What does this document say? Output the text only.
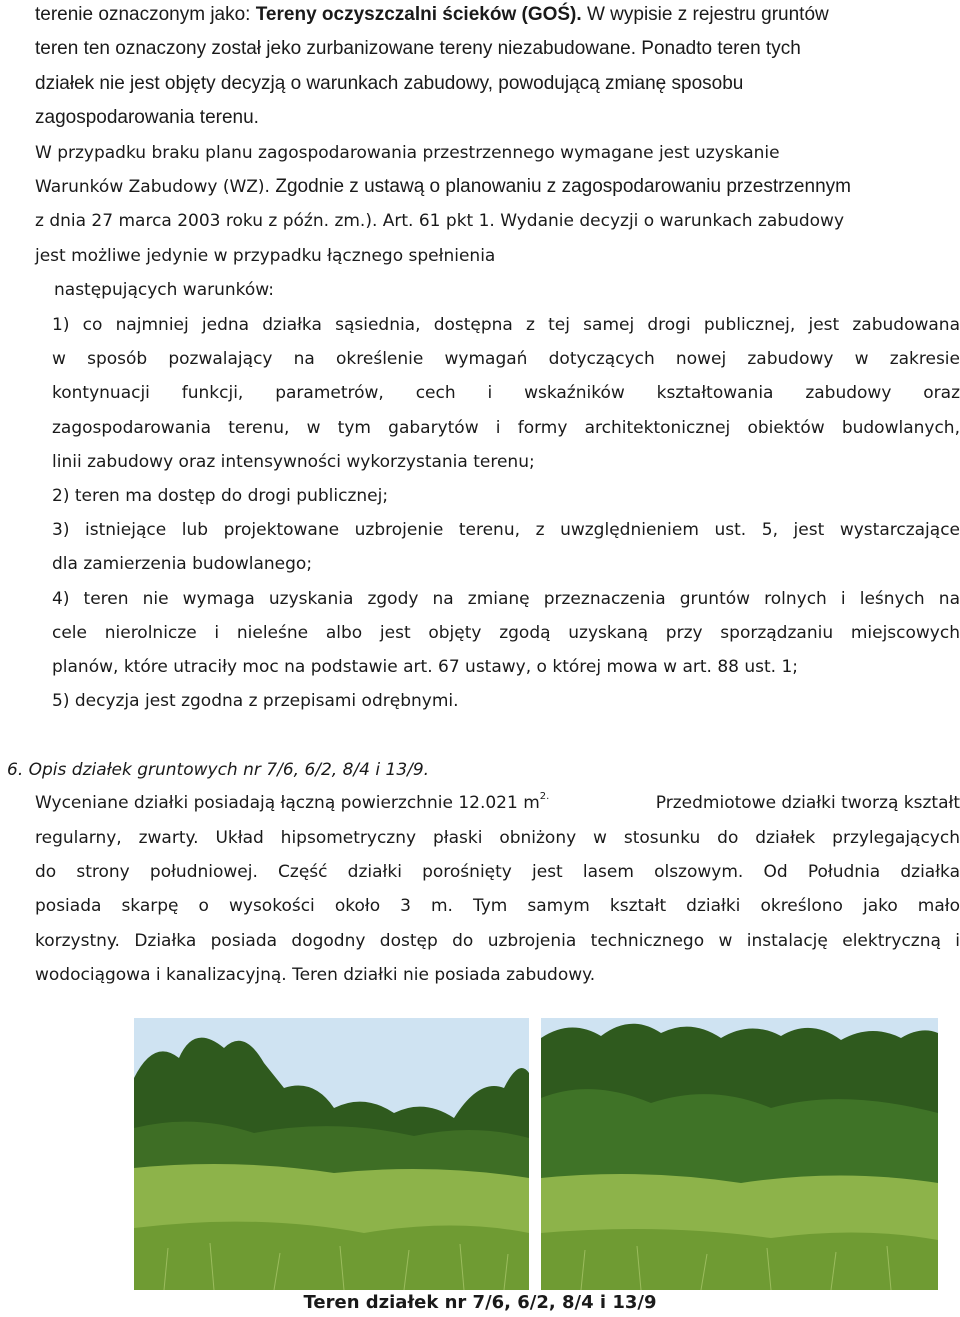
terenie oznaczonym jako: Tereny oczyszczalni ścieków (GOŚ). W wypisie z rejestru gruntów
teren ten oznaczony został jeko zurbanizowane tereny niezabudowane. Ponadto teren tych
działek nie jest objęty decyzją o warunkach zabudowy, powodującą zmianę sposobu
zagospodarowania terenu.
W przypadku braku planu zagospodarowania przestrzennego wymagane jest uzyskanie
Warunków Zabudowy (WZ). Zgodnie z ustawą o planowaniu z zagospodarowaniu przestrzennym
z dnia 27 marca 2003 roku z późn. zm.). Art. 61 pkt 1. Wydanie decyzji o warunkach zabudowy
jest możliwe jedynie w przypadku łącznego spełnienia
następujących warunków:
1) co najmniej jedna działka sąsiednia, dostępna z tej samej drogi publicznej, jest zabudowana
w sposób pozwalający na określenie wymagań dotyczących nowej zabudowy w zakresie
kontynuacji funkcji, parametrów, cech i wskaźników kształtowania zabudowy oraz
zagospodarowania terenu, w tym gabarytów i formy architektonicznej obiektów budowlanych,
linii zabudowy oraz intensywności wykorzystania terenu;
2) teren ma dostęp do drogi publicznej;
3) istniejące lub projektowane uzbrojenie terenu, z uwzględnieniem ust. 5, jest wystarczające
dla zamierzenia budowlanego;
4) teren nie wymaga uzyskania zgody na zmianę przeznaczenia gruntów rolnych i leśnych na
cele nierolnicze i nieleśne albo jest objęty zgodą uzyskaną przy sporządzaniu miejscowych
planów, które utraciły moc na podstawie art. 67 ustawy, o której mowa w art. 88 ust. 1;
5) decyzja jest zgodna z przepisami odrębnymi.
6. Opis działek gruntowych nr 7/6, 6/2, 8/4 i 13/9.
Wyceniane działki posiadają łączną powierzchnie 12.021 $m^{2.}$	Przedmiotowe działki tworzą kształt
regularny, zwarty. Układ hipsometryczny płaski obniżony w stosunku do działek przylegających
do strony południowej. Część działki porośnięty jest lasem olszowym. Od Południa działka
posiada skarpę o wysokości około 3 m. Tym samym kształt działki określono jako mało
korzystny. Działka posiada dogodny dostęp do uzbrojenia technicznego w instalację elektryczną i
wodociągowa i kanalizacyjną. Teren działki nie posiada zabudowy.
Teren działek nr 7/6, 6/2, 8/4 i 13/9
